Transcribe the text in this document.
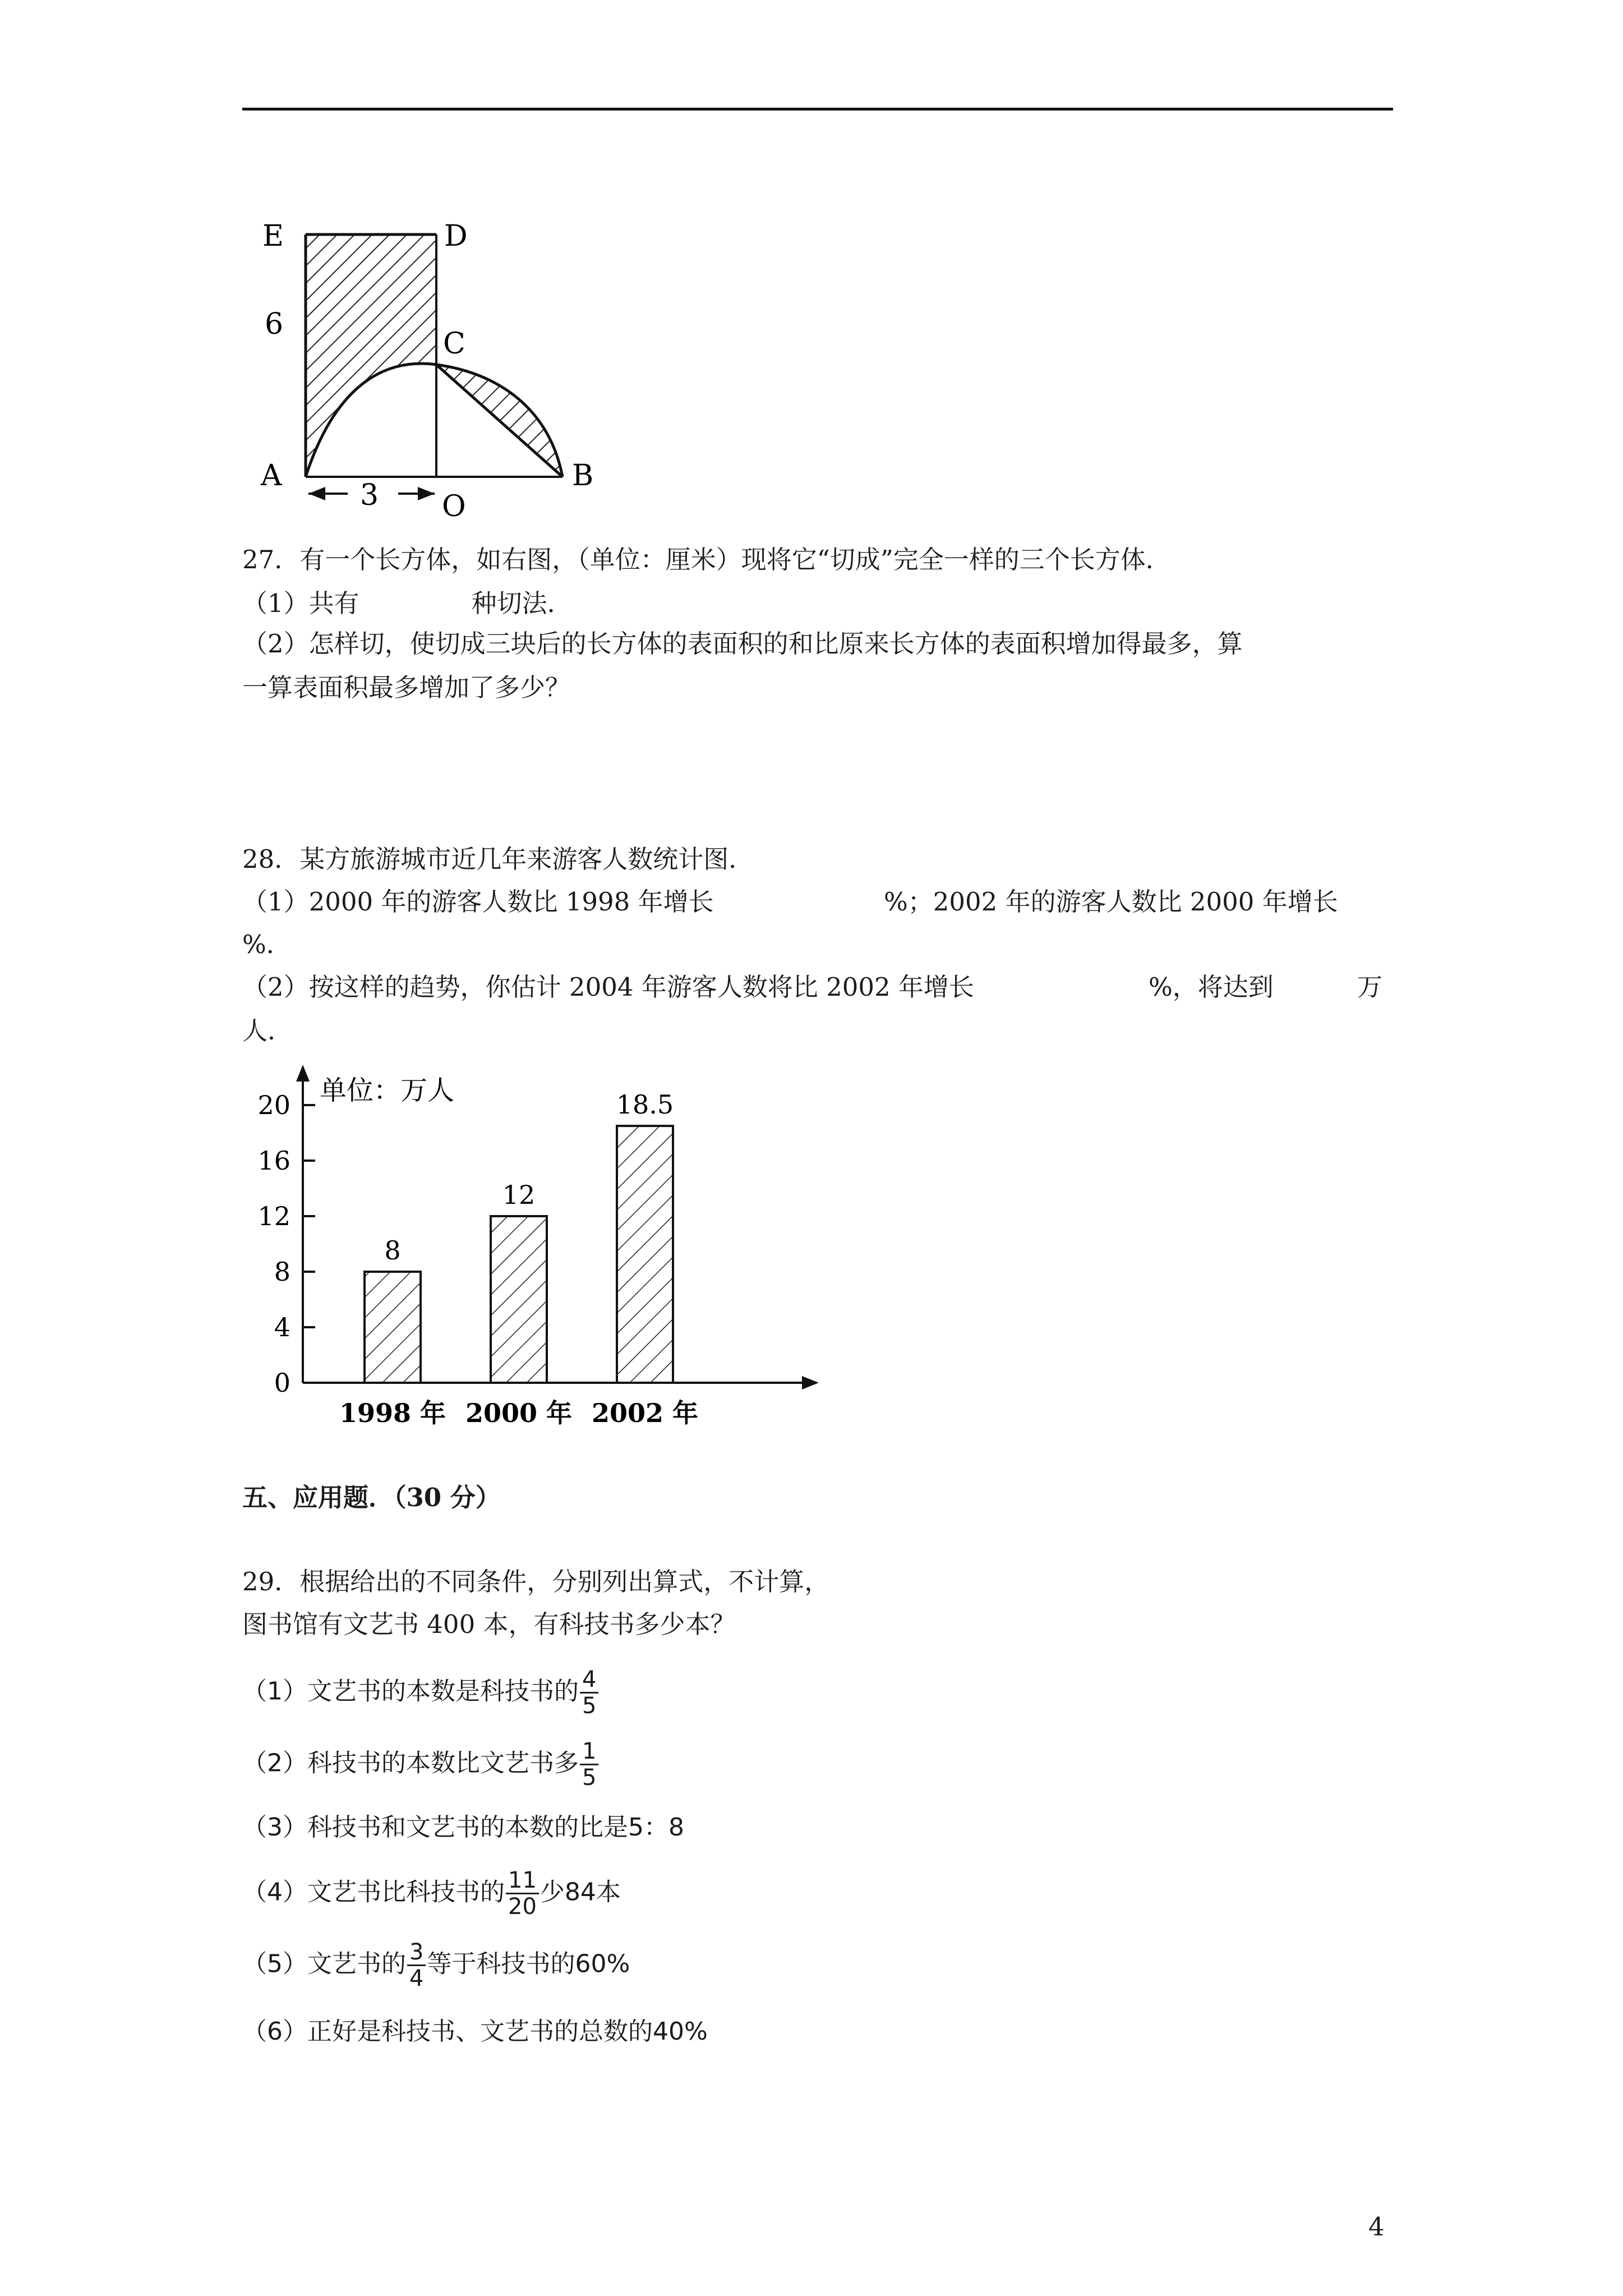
E	D
6
C
A	B
3 O
27．有一个长方体，如右图，（单位：厘米）现将它“切成”完全一样的三个长方体．
（1）共有	种切法．
（2）怎样切，使切成三块后的长方体的表面积的和比原来长方体的表面积增加得最多，算
一算表面积最多增加了多少？
28．某方旅游城市近几年来游客人数统计图．
（1）2000 年的游客人数比 1998 年增长	%；2002 年的游客人数比 2000 年增长
%．
（2）按这样的趋势，你估计 2004 年游客人数将比 2002 年增长	%，将达到	万
人．
0
4
8
12
16
20
8
1998 年
12
2000 年
18.5
2002 年
单位：万人
五、应用题．（30 分）
29．根据给出的不同条件，分别列出算式，不计算，
图书馆有文艺书 400 本，有科技书多少本？
（1）文艺书的本数是科技书的 $\frac{4}{5}$
（2）科技书的本数比文艺书多 $\frac{1}{5}$
（3）科技书和文艺书的本数的比是5：8
（4）文艺书比科技书的 $\frac{11}{20}$ 少84本
（5）文艺书的 $\frac{3}{4}$ 等于科技书的60%
（6）正好是科技书、文艺书的总数的40%
4
